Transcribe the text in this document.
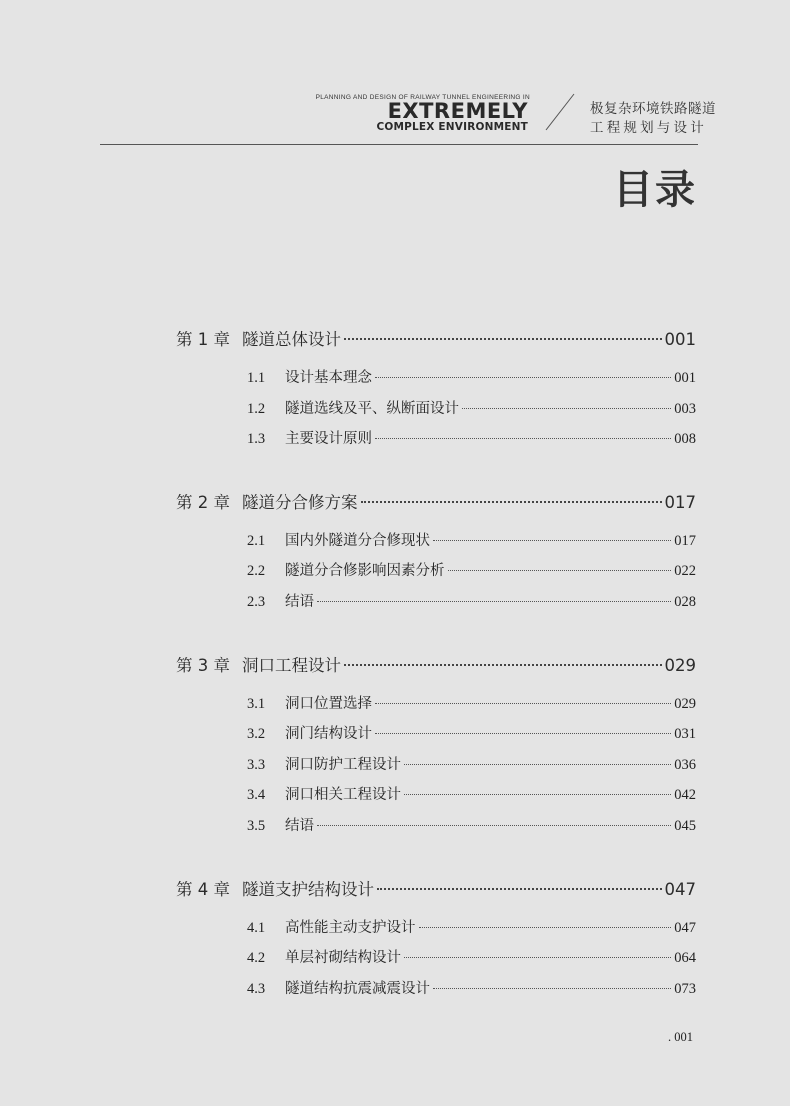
PLANNING AND DESIGN OF RAILWAY TUNNEL ENGINEERING IN
EXTREMELY
COMPLEX ENVIRONMENT
极复杂环境铁路隧道
工程规划与设计
目录
第 1 章 隧道总体设计	001
1.1	设计基本理念	001
1.2	隧道选线及平、纵断面设计	003
1.3	主要设计原则	008
第 2 章 隧道分合修方案	017
2.1	国内外隧道分合修现状	017
2.2	隧道分合修影响因素分析	022
2.3	结语	028
第 3 章 洞口工程设计	029
3.1	洞口位置选择	029
3.2	洞门结构设计	031
3.3	洞口防护工程设计	036
3.4	洞口相关工程设计	042
3.5	结语	045
第 4 章 隧道支护结构设计	047
4.1	高性能主动支护设计	047
4.2	单层衬砌结构设计	064
4.3	隧道结构抗震减震设计	073
. 001
